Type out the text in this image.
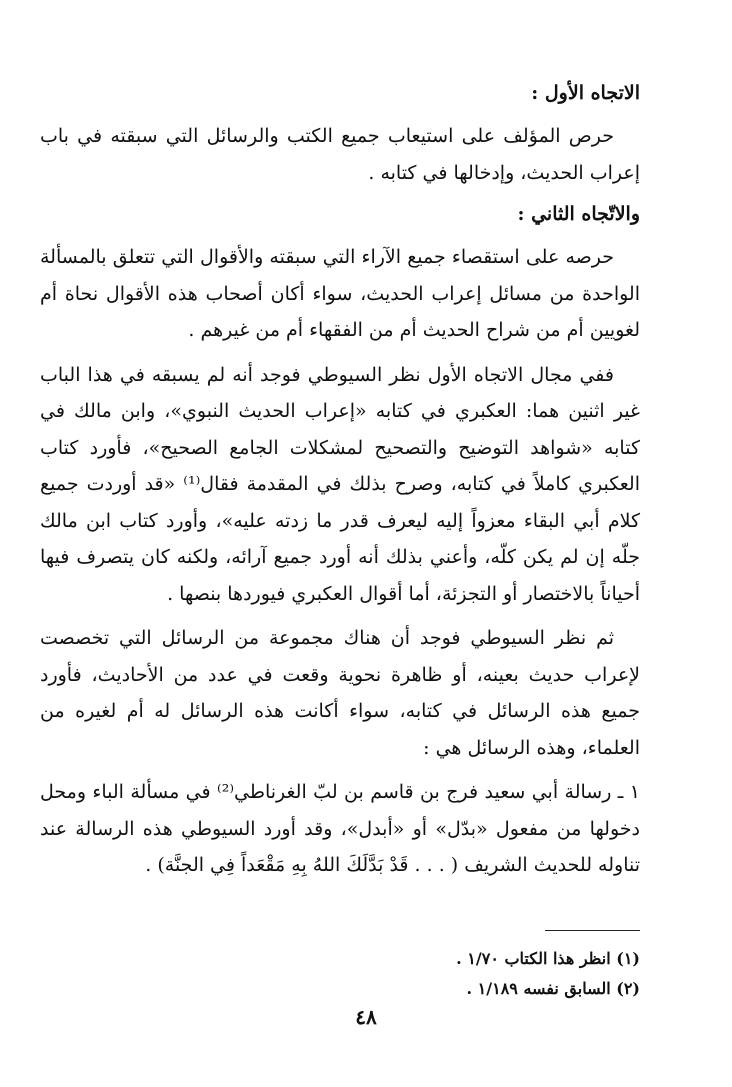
الاتجاه الأول :

حرص المؤلف على استيعاب جميع الكتب والرسائل التي سبقته في باب إعراب الحديث، وإدخالها في كتابه .

والاتّجاه الثاني :

حرصه على استقصاء جميع الآراء التي سبقته والأقوال التي تتعلق بالمسألة الواحدة من مسائل إعراب الحديث، سواء أكان أصحاب هذه الأقوال نحاة أم لغويين أم من شراح الحديث أم من الفقهاء أم من غيرهم .

ففي مجال الاتجاه الأول نظر السيوطي فوجد أنه لم يسبقه في هذا الباب غير اثنين هما: العكبري في كتابه «إعراب الحديث النبوي»، وابن مالك في كتابه «شواهد التوضيح والتصحيح لمشكلات الجامع الصحيح»، فأورد كتاب العكبري كاملاً في كتابه، وصرح بذلك في المقدمة فقال⁽¹⁾ «قد أوردت جميع كلام أبي البقاء معزواً إليه ليعرف قدر ما زدته عليه»، وأورد كتاب ابن مالك جلّه إن لم يكن كلّه، وأعني بذلك أنه أورد جميع آرائه، ولكنه كان يتصرف فيها أحياناً بالاختصار أو التجزئة، أما أقوال العكبري فيوردها بنصها .

ثم نظر السيوطي فوجد أن هناك مجموعة من الرسائل التي تخصصت لإعراب حديث بعينه، أو ظاهرة نحوية وقعت في عدد من الأحاديث، فأورد جميع هذه الرسائل في كتابه، سواء أكانت هذه الرسائل له أم لغيره من العلماء، وهذه الرسائل هي :

١ ـ رسالة أبي سعيد فرج بن قاسم بن لبّ الغرناطي⁽²⁾ في مسألة الباء ومحل دخولها من مفعول «بدّل» أو «أبدل»، وقد أورد السيوطي هذه الرسالة عند تناوله للحديث الشريف ( . . . قَدْ بَدَّلَكَ اللهُ بِهِ مَقْعَداً فِي الجنَّة) .

(١) انظر هذا الكتاب ١/٧٠ .
(٢) السابق نفسه ١/١٨٩ .
٤٨
